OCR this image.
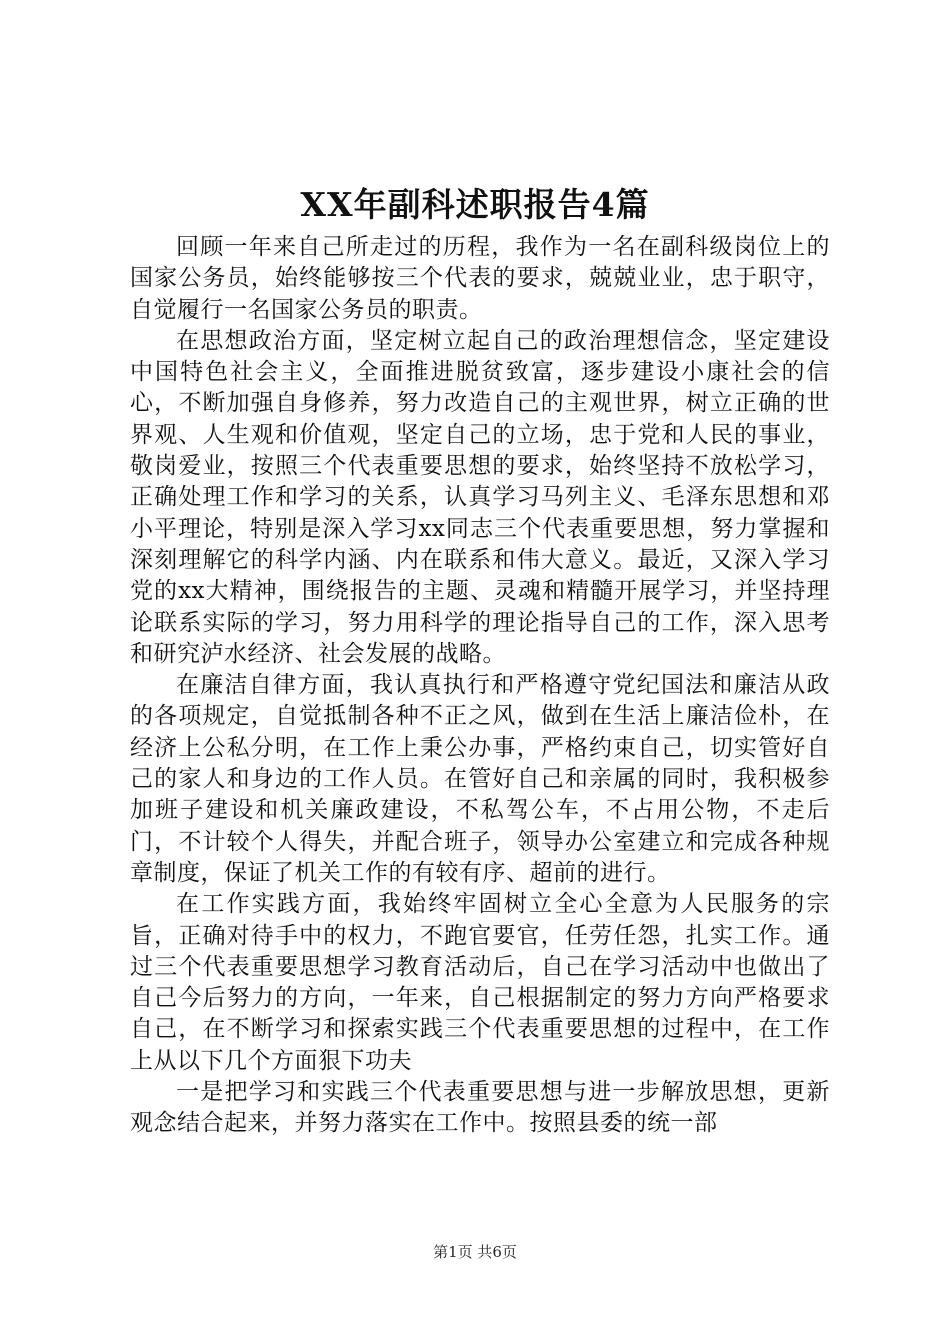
XX年副科述职报告4篇

回顾一年来自己所走过的历程，我作为一名在副科级岗位上的国家公务员，始终能够按三个代表的要求，兢兢业业，忠于职守，自觉履行一名国家公务员的职责。

在思想政治方面，坚定树立起自己的政治理想信念，坚定建设中国特色社会主义，全面推进脱贫致富，逐步建设小康社会的信心，不断加强自身修养，努力改造自己的主观世界，树立正确的世界观、人生观和价值观，坚定自己的立场，忠于党和人民的事业，敬岗爱业，按照三个代表重要思想的要求，始终坚持不放松学习，正确处理工作和学习的关系，认真学习马列主义、毛泽东思想和邓小平理论，特别是深入学习xx同志三个代表重要思想，努力掌握和深刻理解它的科学内涵、内在联系和伟大意义。最近，又深入学习党的xx大精神，围绕报告的主题、灵魂和精髓开展学习，并坚持理论联系实际的学习，努力用科学的理论指导自己的工作，深入思考和研究泸水经济、社会发展的战略。

在廉洁自律方面，我认真执行和严格遵守党纪国法和廉洁从政的各项规定，自觉抵制各种不正之风，做到在生活上廉洁俭朴，在经济上公私分明，在工作上秉公办事，严格约束自己，切实管好自己的家人和身边的工作人员。在管好自己和亲属的同时，我积极参加班子建设和机关廉政建设，不私驾公车，不占用公物，不走后门，不计较个人得失，并配合班子，领导办公室建立和完成各种规章制度，保证了机关工作的有较有序、超前的进行。

在工作实践方面，我始终牢固树立全心全意为人民服务的宗旨，正确对待手中的权力，不跑官要官，任劳任怨，扎实工作。通过三个代表重要思想学习教育活动后，自己在学习活动中也做出了自己今后努力的方向，一年来，自己根据制定的努力方向严格要求自己，在不断学习和探索实践三个代表重要思想的过程中，在工作上从以下几个方面狠下功夫

一是把学习和实践三个代表重要思想与进一步解放思想，更新观念结合起来，并努力落实在工作中。按照县委的统一部

第1页 共6页
